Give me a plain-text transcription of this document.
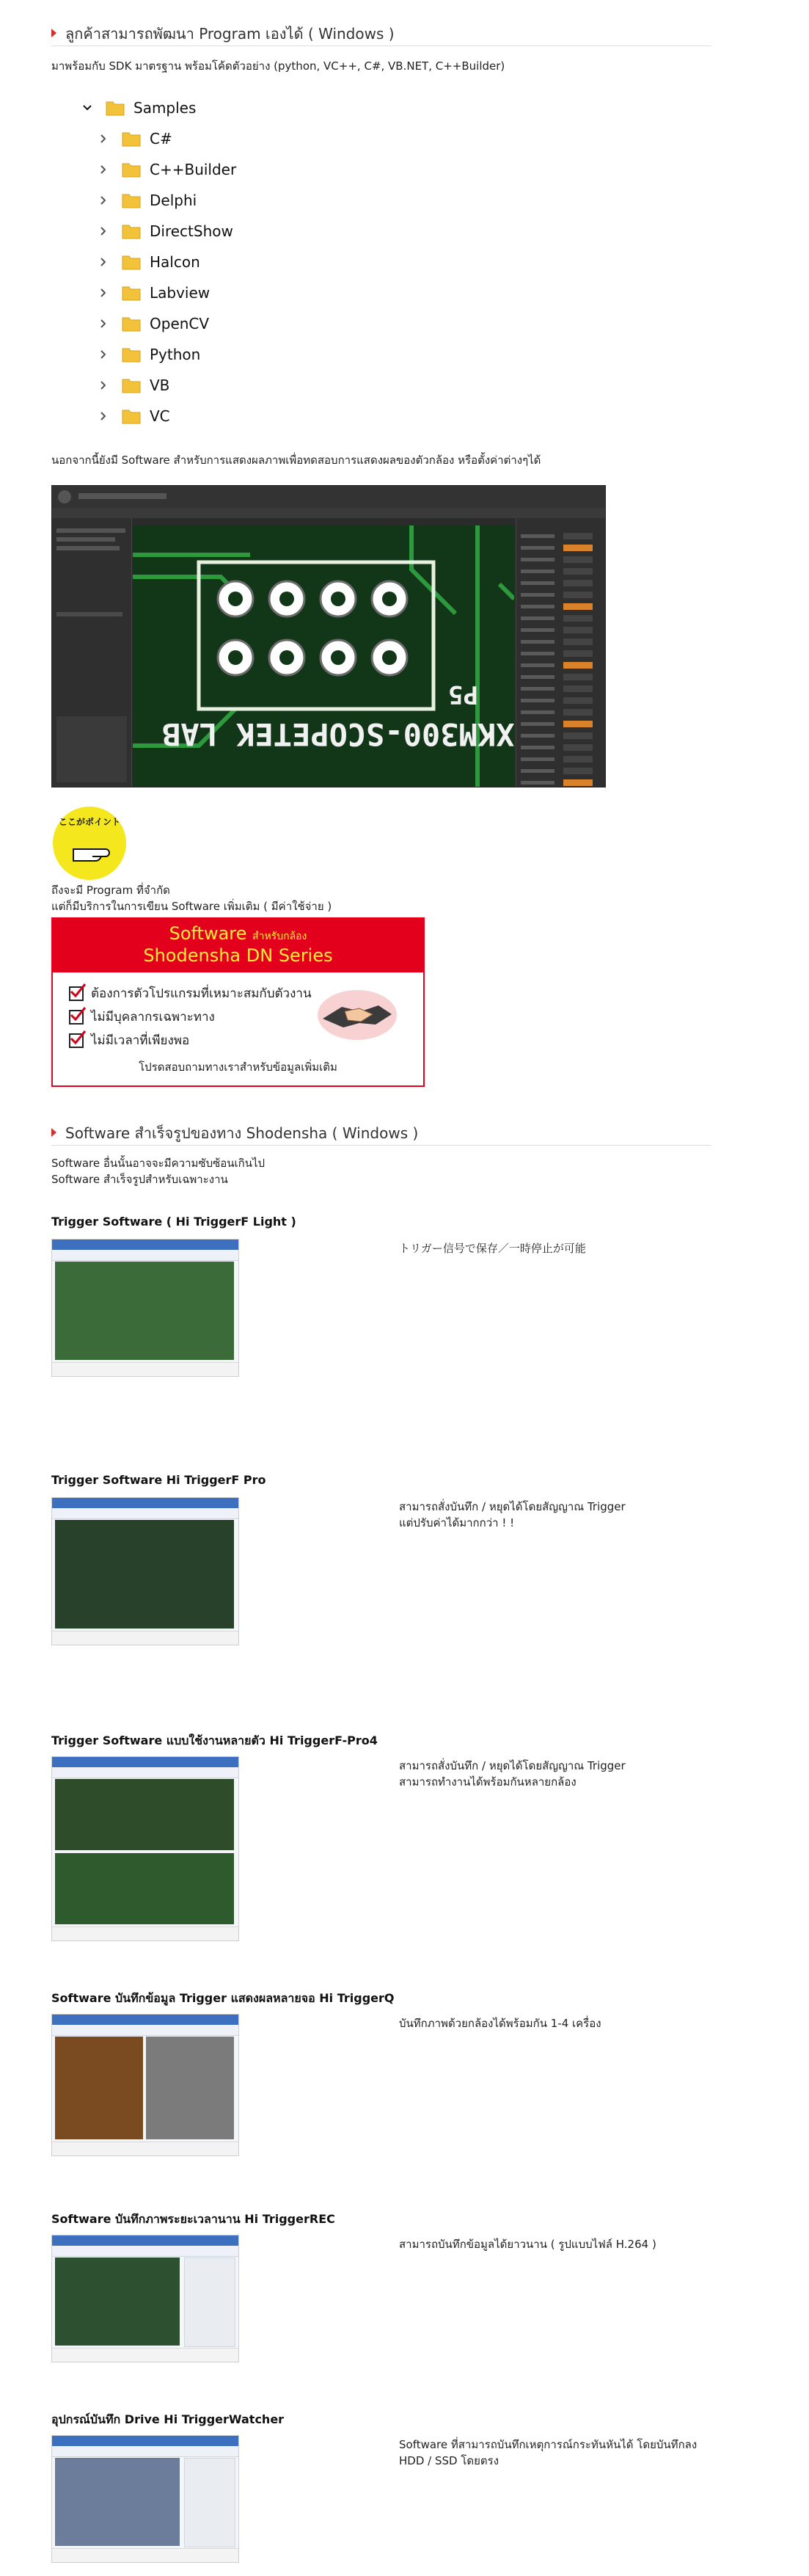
ลูกค้าสามารถพัฒนา Program เองได้ ( Windows )
มาพร้อมกับ SDK มาตรฐาน พร้อมโค้ดตัวอย่าง (python, VC++, C#, VB.NET, C++Builder)
Samples
C#
C++Builder
Delphi
DirectShow
Halcon
Labview
OpenCV
Python
VB
VC
นอกจากนี้ยังมี Software สำหรับการแสดงผลภาพเพื่อทดสอบการแสดงผลของตัวกล้อง หรือตั้งค่าต่างๆได้
XKM300-SCOPETEK LAB
P5
ここがポイント
ถึงจะมี Program ที่จำกัด
แต่ก็มีบริการในการเขียน Software เพิ่มเติม ( มีค่าใช้จ่าย )
Software สำหรับกล้อง
Shodensha DN Series
ต้องการตัวโปรแกรมที่เหมาะสมกับตัวงาน
ไม่มีบุคลากรเฉพาะทาง
ไม่มีเวลาที่เพียงพอ
โปรดสอบถามทางเราสำหรับข้อมูลเพิ่มเติม
Software สำเร็จรูปของทาง Shodensha ( Windows )
Software อื่นนั้นอาจจะมีความซับซ้อนเกินไป
Software สำเร็จรูปสำหรับเฉพาะงาน
Trigger Software ( Hi TriggerF Light )
トリガー信号で保存／一時停止が可能
Trigger Software Hi TriggerF Pro
สามารถสั่งบันทึก / หยุดได้โดยสัญญาณ Trigger
แต่ปรับค่าได้มากกว่า ! !
Trigger Software แบบใช้งานหลายตัว Hi TriggerF-Pro4
สามารถสั่งบันทึก / หยุดได้โดยสัญญาณ Trigger
สามารถทำงานได้พร้อมกันหลายกล้อง
Software บันทึกข้อมูล Trigger แสดงผลหลายจอ Hi TriggerQ
บันทึกภาพด้วยกล้องได้พร้อมกัน 1-4 เครื่อง
Software บันทึกภาพระยะเวลานาน Hi TriggerREC
สามารถบันทึกข้อมูลได้ยาวนาน ( รูปแบบไฟล์ H.264 )
อุปกรณ์บันทึก Drive Hi TriggerWatcher
Software ที่สามารถบันทึกเหตุการณ์กระทันหันได้ โดยบันทึกลง
HDD / SSD โดยตรง
